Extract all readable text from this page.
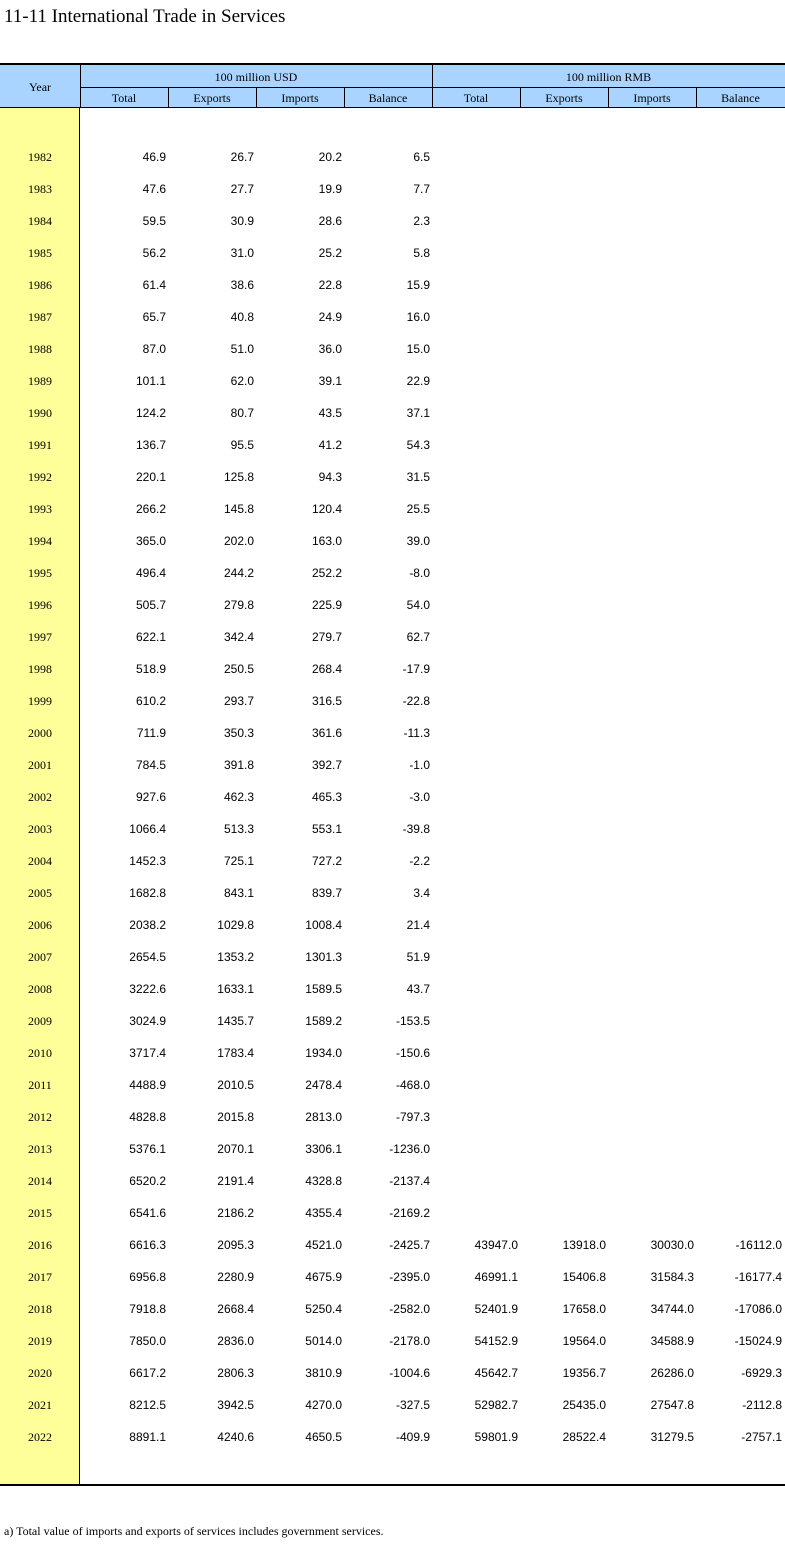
11-11 International Trade in Services
Year
100 million USD	100 million RMB
Total	Exports	Imports	Balance	Total	Exports	Imports	Balance
1982	46.9	26.7	20.2	6.5
1983	47.6	27.7	19.9	7.7
1984	59.5	30.9	28.6	2.3
1985	56.2	31.0	25.2	5.8
1986	61.4	38.6	22.8	15.9
1987	65.7	40.8	24.9	16.0
1988	87.0	51.0	36.0	15.0
1989	101.1	62.0	39.1	22.9
1990	124.2	80.7	43.5	37.1
1991	136.7	95.5	41.2	54.3
1992	220.1	125.8	94.3	31.5
1993	266.2	145.8	120.4	25.5
1994	365.0	202.0	163.0	39.0
1995	496.4	244.2	252.2	-8.0
1996	505.7	279.8	225.9	54.0
1997	622.1	342.4	279.7	62.7
1998	518.9	250.5	268.4	-17.9
1999	610.2	293.7	316.5	-22.8
2000	711.9	350.3	361.6	-11.3
2001	784.5	391.8	392.7	-1.0
2002	927.6	462.3	465.3	-3.0
2003	1066.4	513.3	553.1	-39.8
2004	1452.3	725.1	727.2	-2.2
2005	1682.8	843.1	839.7	3.4
2006	2038.2	1029.8	1008.4	21.4
2007	2654.5	1353.2	1301.3	51.9
2008	3222.6	1633.1	1589.5	43.7
2009	3024.9	1435.7	1589.2	-153.5
2010	3717.4	1783.4	1934.0	-150.6
2011	4488.9	2010.5	2478.4	-468.0
2012	4828.8	2015.8	2813.0	-797.3
2013	5376.1	2070.1	3306.1	-1236.0
2014	6520.2	2191.4	4328.8	-2137.4
2015	6541.6	2186.2	4355.4	-2169.2
2016	6616.3	2095.3	4521.0	-2425.7	43947.0	13918.0	30030.0	-16112.0
2017	6956.8	2280.9	4675.9	-2395.0	46991.1	15406.8	31584.3	-16177.4
2018	7918.8	2668.4	5250.4	-2582.0	52401.9	17658.0	34744.0	-17086.0
2019	7850.0	2836.0	5014.0	-2178.0	54152.9	19564.0	34588.9	-15024.9
2020	6617.2	2806.3	3810.9	-1004.6	45642.7	19356.7	26286.0	-6929.3
2021	8212.5	3942.5	4270.0	-327.5	52982.7	25435.0	27547.8	-2112.8
2022	8891.1	4240.6	4650.5	-409.9	59801.9	28522.4	31279.5	-2757.1
a) Total value of imports and exports of services includes government services.
